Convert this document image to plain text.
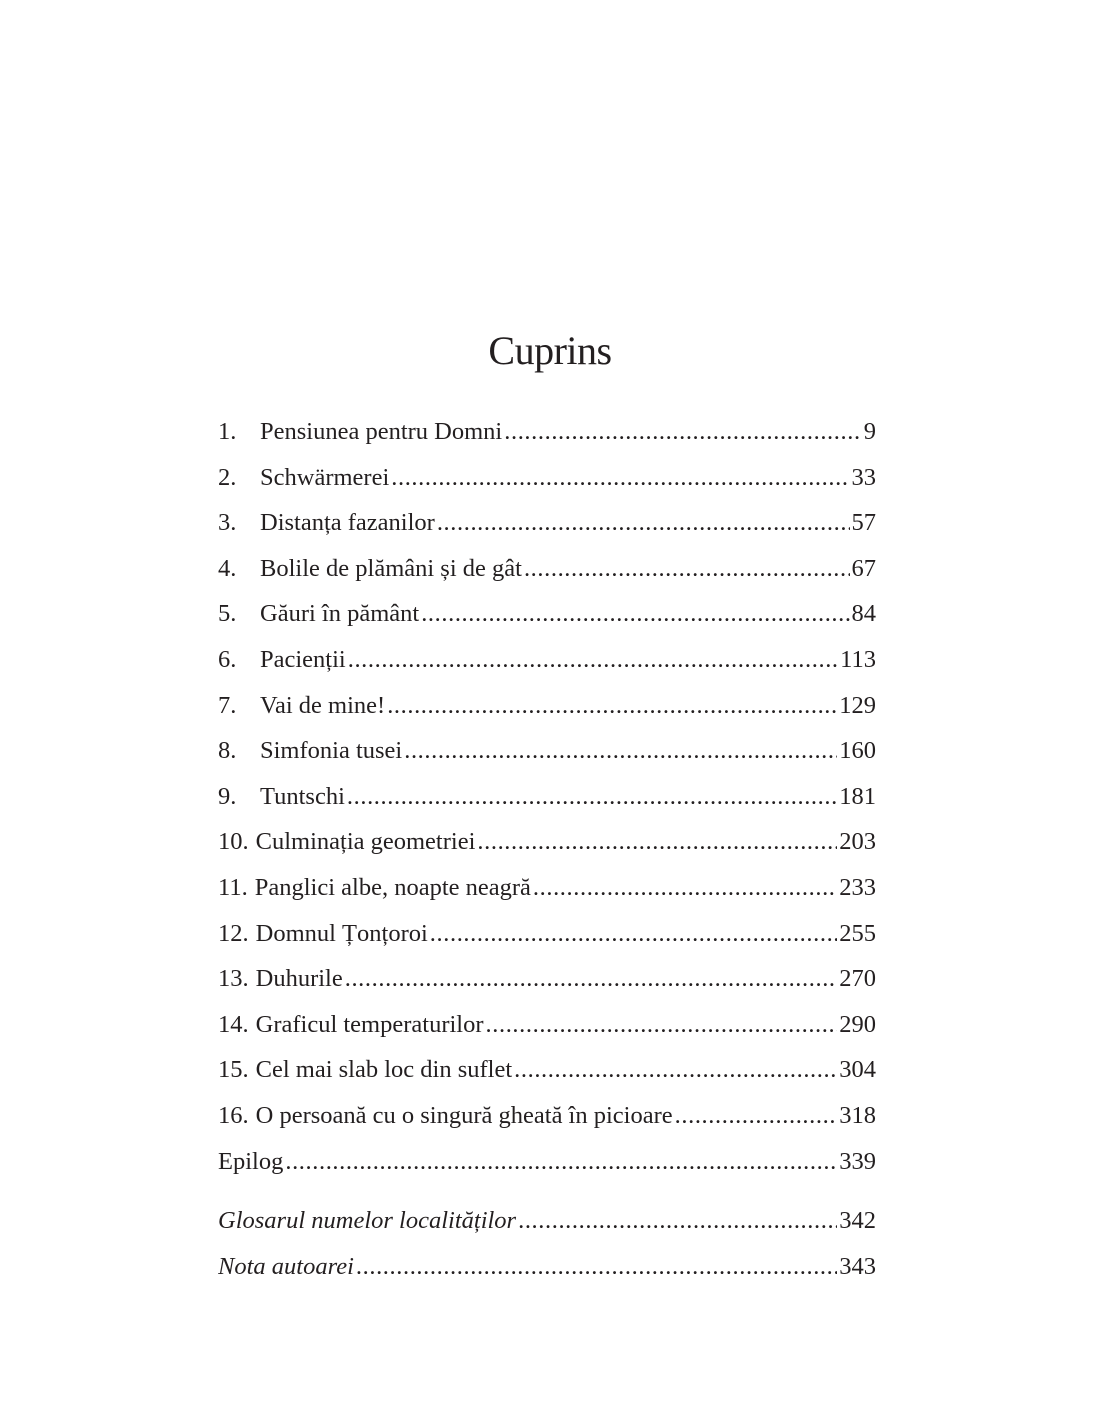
Cuprins
1. Pensiunea pentru Domni .....	9
2. Schwärmerei .....	33
3. Distanța fazanilor .....	57
4. Bolile de plămâni și de gât .....	67
5. Găuri în pământ .....	84
6. Pacienții .....	113
7. Vai de mine! .....	129
8. Simfonia tusei .....	160
9. Tuntschi .....	181
10. Culminația geometriei .....	203
11. Panglici albe, noapte neagră .....	233
12. Domnul Țonțoroi .....	255
13. Duhurile .....	270
14. Graficul temperaturilor .....	290
15. Cel mai slab loc din suflet .....	304
16. O persoană cu o singură gheată în picioare .....	318
Epilog .....	339
Glosarul numelor localităților .....	342
Nota autoarei .....	343
